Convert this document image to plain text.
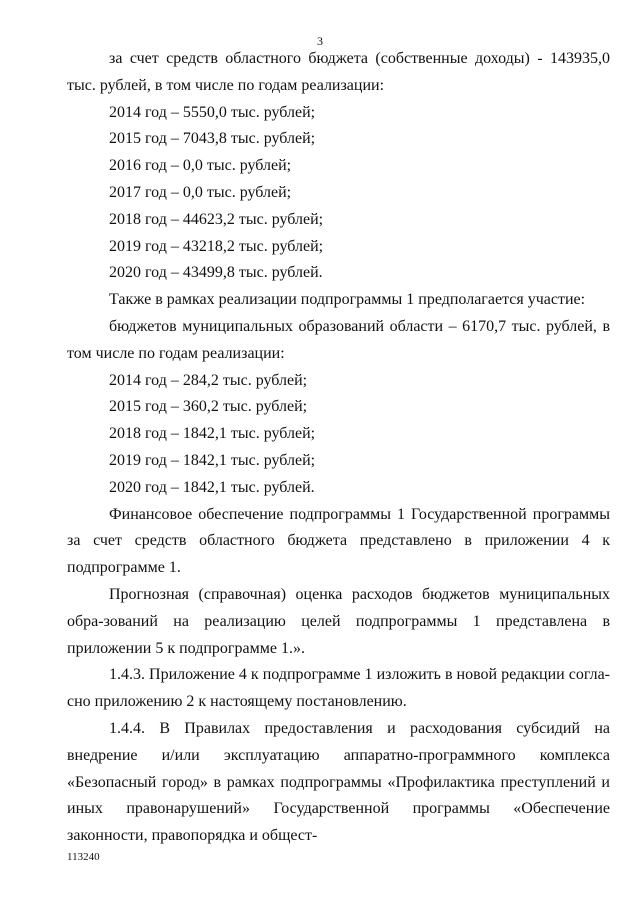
3

за счет средств областного бюджета (собственные доходы) - 143935,0 тыс. рублей, в том числе по годам реализации:

2014 год – 5550,0 тыс. рублей;

2015 год – 7043,8 тыс. рублей;

2016 год – 0,0 тыс. рублей;

2017 год – 0,0 тыс. рублей;

2018 год – 44623,2 тыс. рублей;

2019 год – 43218,2 тыс. рублей;

2020 год – 43499,8 тыс. рублей.

Также в рамках реализации подпрограммы 1 предполагается участие:

бюджетов муниципальных образований области – 6170,7 тыс. рублей, в том числе по годам реализации:

2014 год – 284,2 тыс. рублей;

2015 год – 360,2 тыс. рублей;

2018 год – 1842,1 тыс. рублей;

2019 год – 1842,1 тыс. рублей;

2020 год – 1842,1 тыс. рублей.

Финансовое обеспечение подпрограммы 1 Государственной программы за счет средств областного бюджета представлено в приложении 4 к подпрограмме 1.

Прогнозная (справочная) оценка расходов бюджетов муниципальных обра-зований на реализацию целей подпрограммы 1 представлена в приложении 5 к подпрограмме 1.».

1.4.3. Приложение 4 к подпрограмме 1 изложить в новой редакции согла-сно приложению 2 к настоящему постановлению.

1.4.4. В Правилах предоставления и расходования субсидий на внедрение и/или эксплуатацию аппаратно-программного комплекса «Безопасный город» в рамках подпрограммы «Профилактика преступлений и иных правонарушений» Государственной программы «Обеспечение законности, правопорядка и общест-

113240
